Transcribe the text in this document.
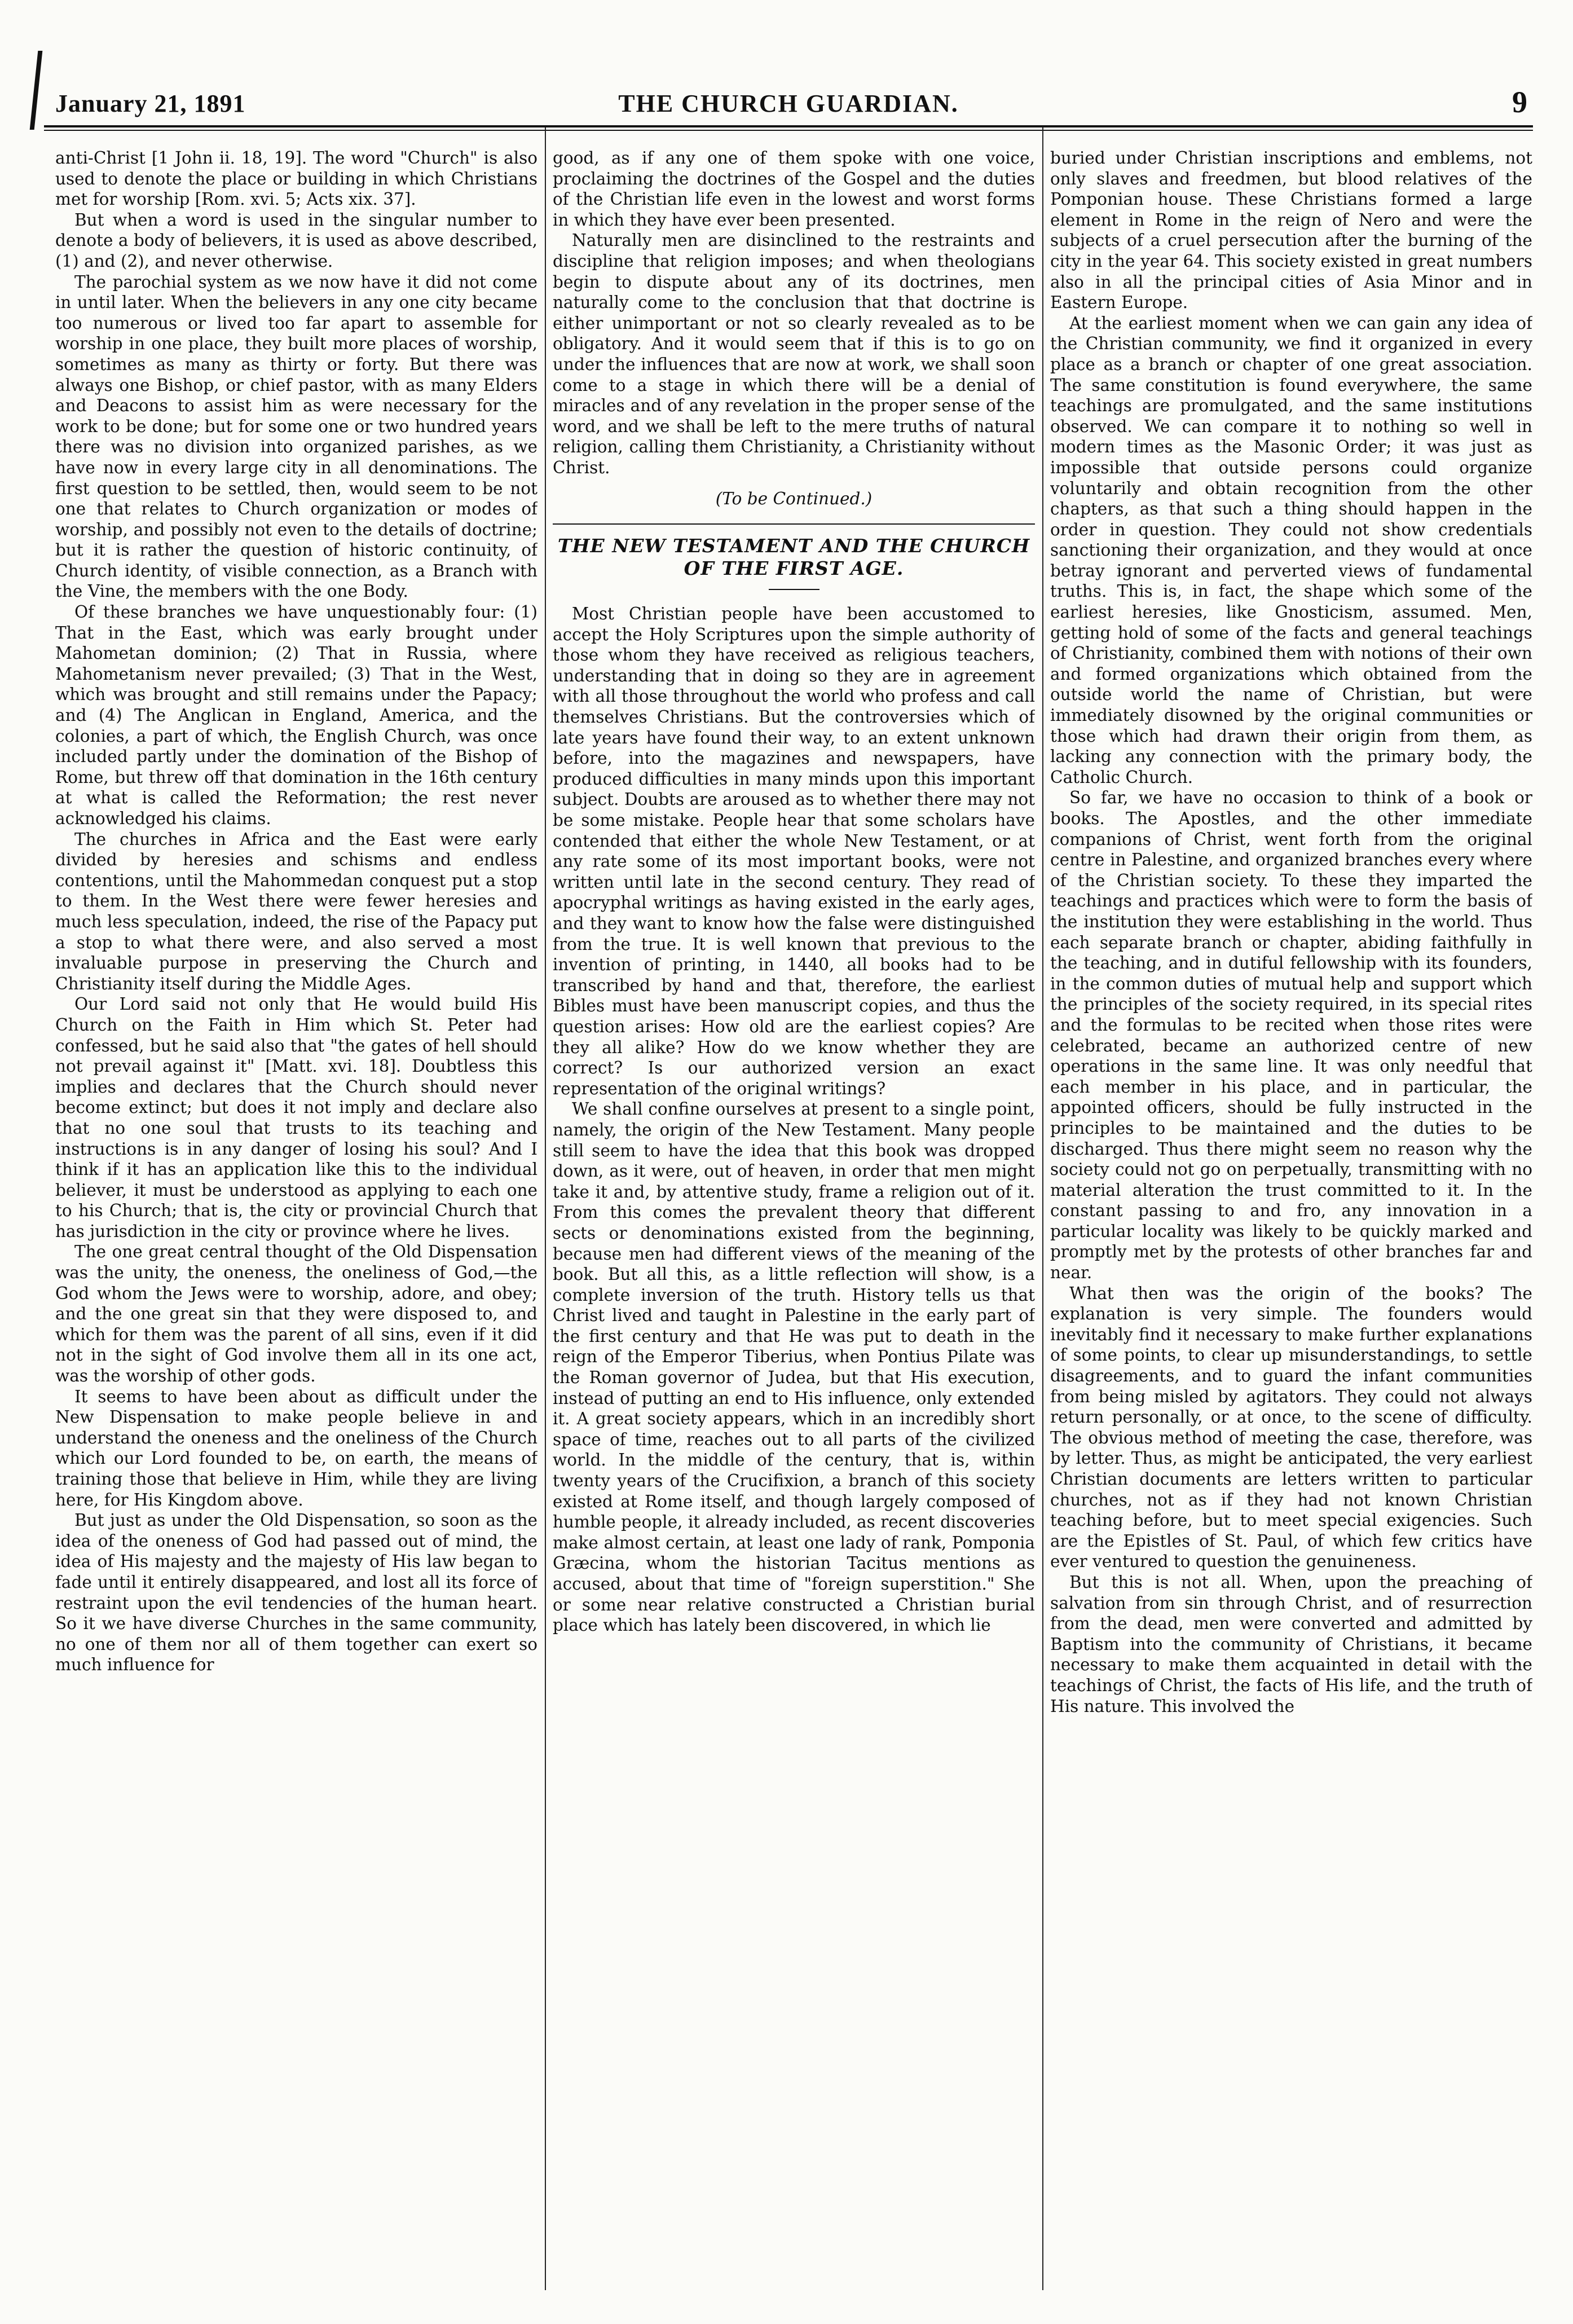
January 21, 1891	THE CHURCH GUARDIAN.	9

anti-Christ [1 John ii. 18, 19]. The word "Church" is also used to denote the place or building in which Christians met for worship [Rom. xvi. 5; Acts xix. 37].

But when a word is used in the singular number to denote a body of believers, it is used as above described, (1) and (2), and never otherwise.

The parochial system as we now have it did not come in until later. When the believers in any one city became too numerous or lived too far apart to assemble for worship in one place, they built more places of worship, sometimes as many as thirty or forty. But there was always one Bishop, or chief pastor, with as many Elders and Deacons to assist him as were necessary for the work to be done; but for some one or two hundred years there was no division into organized parishes, as we have now in every large city in all denominations. The first question to be settled, then, would seem to be not one that relates to Church organization or modes of worship, and possibly not even to the details of doctrine; but it is rather the question of historic continuity, of Church identity, of visible connection, as a Branch with the Vine, the members with the one Body.

Of these branches we have unquestionably four: (1) That in the East, which was early brought under Mahometan dominion; (2) That in Russia, where Mahometanism never prevailed; (3) That in the West, which was brought and still remains under the Papacy; and (4) The Anglican in England, America, and the colonies, a part of which, the English Church, was once included partly under the domination of the Bishop of Rome, but threw off that domination in the 16th century at what is called the Reformation; the rest never acknowledged his claims.

The churches in Africa and the East were early divided by heresies and schisms and endless contentions, until the Mahommedan conquest put a stop to them. In the West there were fewer heresies and much less speculation, indeed, the rise of the Papacy put a stop to what there were, and also served a most invaluable purpose in preserving the Church and Christianity itself during the Middle Ages.

Our Lord said not only that He would build His Church on the Faith in Him which St. Peter had confessed, but he said also that "the gates of hell should not prevail against it" [Matt. xvi. 18]. Doubtless this implies and declares that the Church should never become extinct; but does it not imply and declare also that no one soul that trusts to its teaching and instructions is in any danger of losing his soul? And I think if it has an application like this to the individual believer, it must be understood as applying to each one to his Church; that is, the city or provincial Church that has jurisdiction in the city or province where he lives.

The one great central thought of the Old Dispensation was the unity, the oneness, the oneliness of God,—the God whom the Jews were to worship, adore, and obey; and the one great sin that they were disposed to, and which for them was the parent of all sins, even if it did not in the sight of God involve them all in its one act, was the worship of other gods.

It seems to have been about as difficult under the New Dispensation to make people believe in and understand the oneness and the oneliness of the Church which our Lord founded to be, on earth, the means of training those that believe in Him, while they are living here, for His Kingdom above.

But just as under the Old Dispensation, so soon as the idea of the oneness of God had passed out of mind, the idea of His majesty and the majesty of His law began to fade until it entirely disappeared, and lost all its force of restraint upon the evil tendencies of the human heart. So it we have diverse Churches in the same community, no one of them nor all of them together can exert so much influence for

good, as if any one of them spoke with one voice, proclaiming the doctrines of the Gospel and the duties of the Christian life even in the lowest and worst forms in which they have ever been presented.

Naturally men are disinclined to the restraints and discipline that religion imposes; and when theologians begin to dispute about any of its doctrines, men naturally come to the conclusion that that doctrine is either unimportant or not so clearly revealed as to be obligatory. And it would seem that if this is to go on under the influences that are now at work, we shall soon come to a stage in which there will be a denial of miracles and of any revelation in the proper sense of the word, and we shall be left to the mere truths of natural religion, calling them Christianity, a Christianity without Christ.

(To be Continued.)

THE NEW TESTAMENT AND THE CHURCH OF THE FIRST AGE.

Most Christian people have been accustomed to accept the Holy Scriptures upon the simple authority of those whom they have received as religious teachers, understanding that in doing so they are in agreement with all those throughout the world who profess and call themselves Christians. But the controversies which of late years have found their way, to an extent unknown before, into the magazines and newspapers, have produced difficulties in many minds upon this important subject. Doubts are aroused as to whether there may not be some mistake. People hear that some scholars have contended that either the whole New Testament, or at any rate some of its most important books, were not written until late in the second century. They read of apocryphal writings as having existed in the early ages, and they want to know how the false were distinguished from the true. It is well known that previous to the invention of printing, in 1440, all books had to be transcribed by hand and that, therefore, the earliest Bibles must have been manuscript copies, and thus the question arises: How old are the earliest copies? Are they all alike? How do we know whether they are correct? Is our authorized version an exact representation of the original writings?

We shall confine ourselves at present to a single point, namely, the origin of the New Testament. Many people still seem to have the idea that this book was dropped down, as it were, out of heaven, in order that men might take it and, by attentive study, frame a religion out of it. From this comes the prevalent theory that different sects or denominations existed from the beginning, because men had different views of the meaning of the book. But all this, as a little reflection will show, is a complete inversion of the truth. History tells us that Christ lived and taught in Palestine in the early part of the first century and that He was put to death in the reign of the Emperor Tiberius, when Pontius Pilate was the Roman governor of Judea, but that His execution, instead of putting an end to His influence, only extended it. A great society appears, which in an incredibly short space of time, reaches out to all parts of the civilized world. In the middle of the century, that is, within twenty years of the Crucifixion, a branch of this society existed at Rome itself, and though largely composed of humble people, it already included, as recent discoveries make almost certain, at least one lady of rank, Pomponia Græcina, whom the historian Tacitus mentions as accused, about that time of "foreign superstition." She or some near relative constructed a Christian burial place which has lately been discovered, in which lie

buried under Christian inscriptions and emblems, not only slaves and freedmen, but blood relatives of the Pomponian house. These Christians formed a large element in Rome in the reign of Nero and were the subjects of a cruel persecution after the burning of the city in the year 64. This society existed in great numbers also in all the principal cities of Asia Minor and in Eastern Europe.

At the earliest moment when we can gain any idea of the Christian community, we find it organized in every place as a branch or chapter of one great association. The same constitution is found everywhere, the same teachings are promulgated, and the same institutions observed. We can compare it to nothing so well in modern times as the Masonic Order; it was just as impossible that outside persons could organize voluntarily and obtain recognition from the other chapters, as that such a thing should happen in the order in question. They could not show credentials sanctioning their organization, and they would at once betray ignorant and perverted views of fundamental truths. This is, in fact, the shape which some of the earliest heresies, like Gnosticism, assumed. Men, getting hold of some of the facts and general teachings of Christianity, combined them with notions of their own and formed organizations which obtained from the outside world the name of Christian, but were immediately disowned by the original communities or those which had drawn their origin from them, as lacking any connection with the primary body, the Catholic Church.

So far, we have no occasion to think of a book or books. The Apostles, and the other immediate companions of Christ, went forth from the original centre in Palestine, and organized branches every where of the Christian society. To these they imparted the teachings and practices which were to form the basis of the institution they were establishing in the world. Thus each separate branch or chapter, abiding faithfully in the teaching, and in dutiful fellowship with its founders, in the common duties of mutual help and support which the principles of the society required, in its special rites and the formulas to be recited when those rites were celebrated, became an authorized centre of new operations in the same line. It was only needful that each member in his place, and in particular, the appointed officers, should be fully instructed in the principles to be maintained and the duties to be discharged. Thus there might seem no reason why the society could not go on perpetually, transmitting with no material alteration the trust committed to it. In the constant passing to and fro, any innovation in a particular locality was likely to be quickly marked and promptly met by the protests of other branches far and near.

What then was the origin of the books? The explanation is very simple. The founders would inevitably find it necessary to make further explanations of some points, to clear up misunderstandings, to settle disagreements, and to guard the infant communities from being misled by agitators. They could not always return personally, or at once, to the scene of difficulty. The obvious method of meeting the case, therefore, was by letter. Thus, as might be anticipated, the very earliest Christian documents are letters written to particular churches, not as if they had not known Christian teaching before, but to meet special exigencies. Such are the Epistles of St. Paul, of which few critics have ever ventured to question the genuineness.

But this is not all. When, upon the preaching of salvation from sin through Christ, and of resurrection from the dead, men were converted and admitted by Baptism into the community of Christians, it became necessary to make them acquainted in detail with the teachings of Christ, the facts of His life, and the truth of His nature. This involved the
